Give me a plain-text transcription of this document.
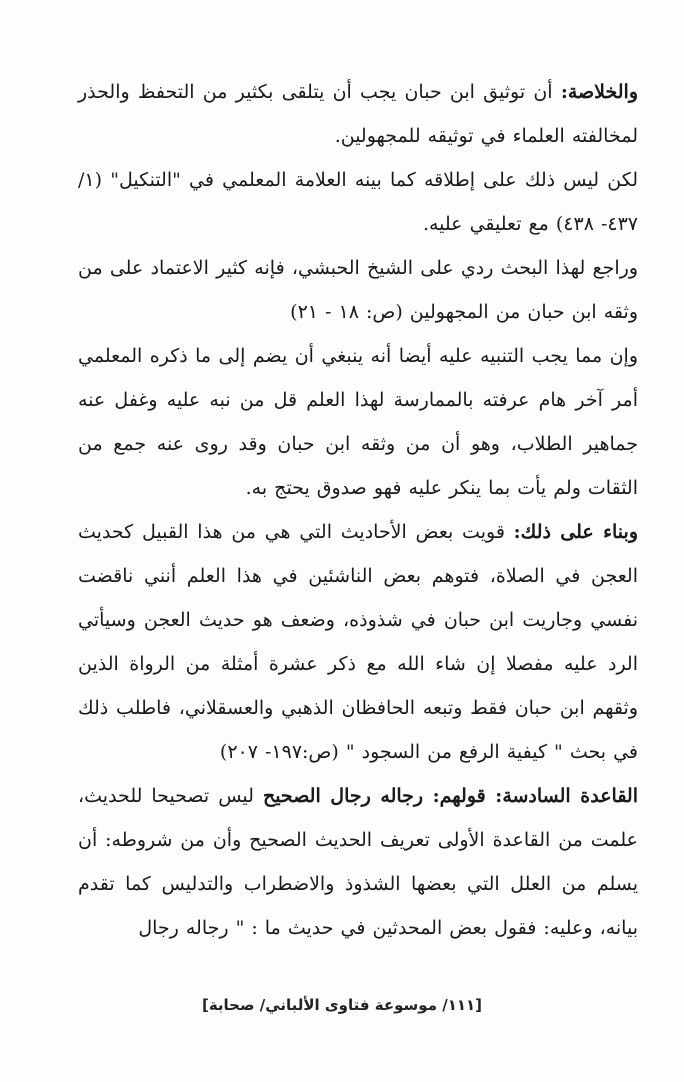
والخلاصة: أن توثيق ابن حبان يجب أن يتلقى بكثير من التحفظ والحذر لمخالفته العلماء في توثيقه للمجهولين.

لكن ليس ذلك على إطلاقه كما بينه العلامة المعلمي في "التنكيل" (١/ ٤٣٧- ٤٣٨) مع تعليقي عليه.

وراجع لهذا البحث ردي على الشيخ الحبشي، فإنه كثير الاعتماد على من وثقه ابن حبان من المجهولين (ص: ١٨ - ٢١)

وإن مما يجب التنبيه عليه أيضا أنه ينبغي أن يضم إلى ما ذكره المعلمي أمر آخر هام عرفته بالممارسة لهذا العلم قل من نبه عليه وغفل عنه جماهير الطلاب، وهو أن من وثقه ابن حبان وقد روى عنه جمع من الثقات ولم يأت بما ينكر عليه فهو صدوق يحتج به.

وبناء على ذلك: قويت بعض الأحاديث التي هي من هذا القبيل كحديث العجن في الصلاة، فتوهم بعض الناشئين في هذا العلم أنني ناقضت نفسي وجاريت ابن حبان في شذوذه، وضعف هو حديث العجن وسيأتي الرد عليه مفصلا إن شاء الله مع ذكر عشرة أمثلة من الرواة الذين وثقهم ابن حبان فقط وتبعه الحافظان الذهبي والعسقلاني، فاطلب ذلك في بحث " كيفية الرفع من السجود " (ص:١٩٧- ٢٠٧)

القاعدة السادسة: قولهم: رجاله رجال الصحيح ليس تصحيحا للحديث، علمت من القاعدة الأولى تعريف الحديث الصحيح وأن من شروطه: أن يسلم من العلل التي بعضها الشذوذ والاضطراب والتدليس كما تقدم بيانه، وعليه: فقول بعض المحدثين في حديث ما : " رجاله رجال

[١١١/ موسوعة فتاوى الألباني/ صحابة]
